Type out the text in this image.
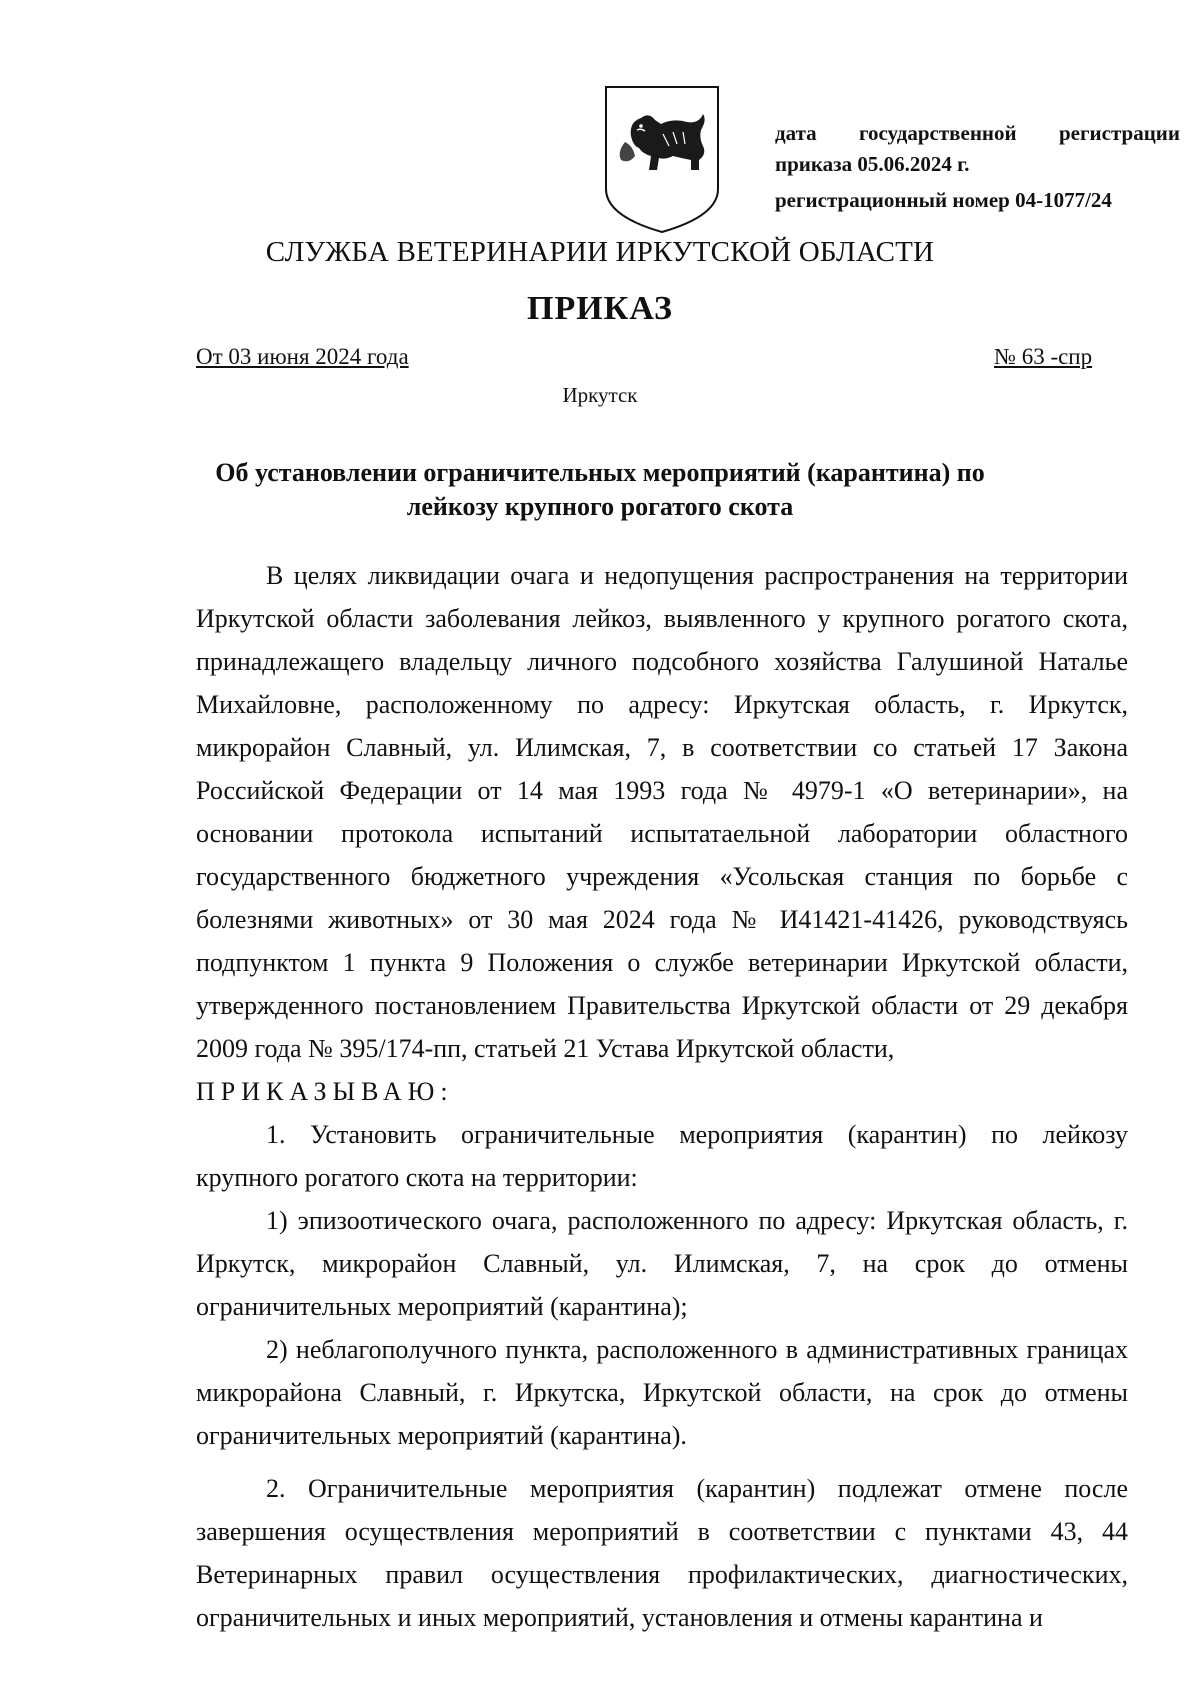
дата государственной регистрации
приказа 05.06.2024 г.
регистрационный номер 04-1077/24
СЛУЖБА ВЕТЕРИНАРИИ ИРКУТСКОЙ ОБЛАСТИ
ПРИКАЗ
От 03 июня 2024 года	№ 63 -спр
Иркутск
Об установлении ограничительных мероприятий (карантина) по
лейкозу крупного рогатого скота

В целях ликвидации очага и недопущения распространения на территории Иркутской области заболевания лейкоз, выявленного у крупного рогатого скота, принадлежащего владельцу личного подсобного хозяйства Галушиной Наталье Михайловне, расположенному по адресу: Иркутская область, г. Иркутск, микрорайон Славный, ул. Илимская, 7, в соответствии со статьей 17 Закона Российской Федерации от 14 мая 1993 года № 4979-1 «О ветеринарии», на основании протокола испытаний испытатаельной лаборатории областного государственного бюджетного учреждения «Усольская станция по борьбе с болезнями животных» от 30 мая 2024 года № И41421-41426, руководствуясь подпунктом 1 пункта 9 Положения о службе ветеринарии Иркутской области, утвержденного постановлением Правительства Иркутской области от 29 декабря 2009 года № 395/174-пп, статьей 21 Устава Иркутской области,

ПРИКАЗЫВАЮ:

1. Установить ограничительные мероприятия (карантин) по лейкозу крупного рогатого скота на территории:

1) эпизоотического очага, расположенного по адресу: Иркутская область, г. Иркутск, микрорайон Славный, ул. Илимская, 7, на срок до отмены ограничительных мероприятий (карантина);

2) неблагополучного пункта, расположенного в административных границах микрорайона Славный, г. Иркутска, Иркутской области, на срок до отмены ограничительных мероприятий (карантина).

2. Ограничительные мероприятия (карантин) подлежат отмене после завершения осуществления мероприятий в соответствии с пунктами 43, 44 Ветеринарных правил осуществления профилактических, диагностических, ограничительных и иных мероприятий, установления и отмены карантина и
